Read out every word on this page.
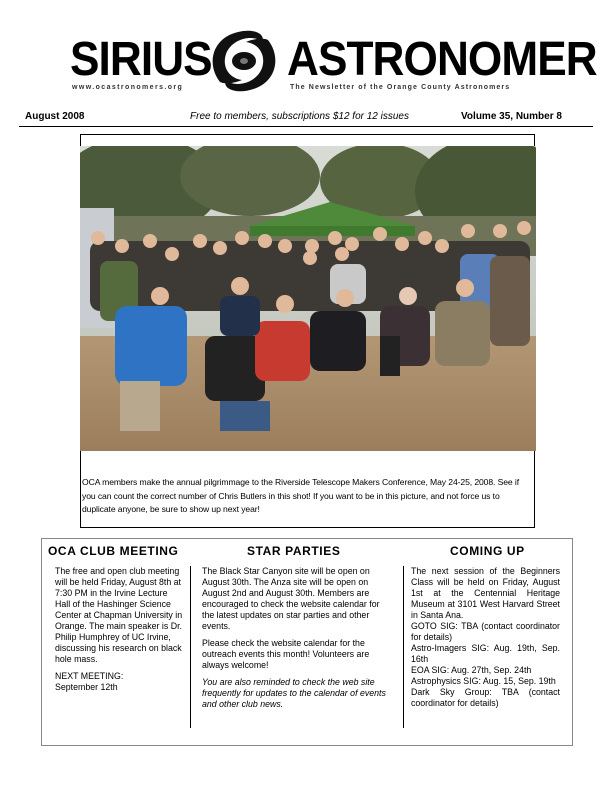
SIRIUS ASTRONOMER
www.ocastronomers.org	The Newsletter of the Orange County Astronomers
August 2008	Free to members, subscriptions $12 for 12 issues	Volume 35, Number 8
OCA members make the annual pilgrimmage to the Riverside Telescope Makers Conference, May 24-25, 2008. See if you can count the correct number of Chris Butlers in this shot! If you want to be in this picture, and not force us to duplicate anyone, be sure to show up next year!
OCA CLUB MEETING

The free and open club meeting will be held Friday, August 8th at 7:30 PM in the Irvine Lecture Hall of the Hashinger Science Center at Chapman University in Orange. The main speaker is Dr. Philip Humphrey of UC Irvine, discussing his research on black hole mass.

NEXT MEETING:
September 12th
STAR PARTIES

The Black Star Canyon site will be open on August 30th. The Anza site will be open on August 2nd and August 30th. Members are encouraged to check the website calendar for the latest updates on star parties and other events.

Please check the website calendar for the outreach events this month! Volunteers are always welcome!

You are also reminded to check the web site frequently for updates to the calendar of events and other club news.

COMING UP
The next session of the Beginners Class will be held on Friday, August 1st at the Centennial Heritage Museum at 3101 West Harvard Street in Santa Ana.
GOTO SIG: TBA (contact coordinator for details)
Astro-Imagers SIG: Aug. 19th, Sep. 16th
EOA SIG: Aug. 27th, Sep. 24th
Astrophysics SIG: Aug. 15, Sep. 19th
Dark Sky Group: TBA (contact coordinator for details)
